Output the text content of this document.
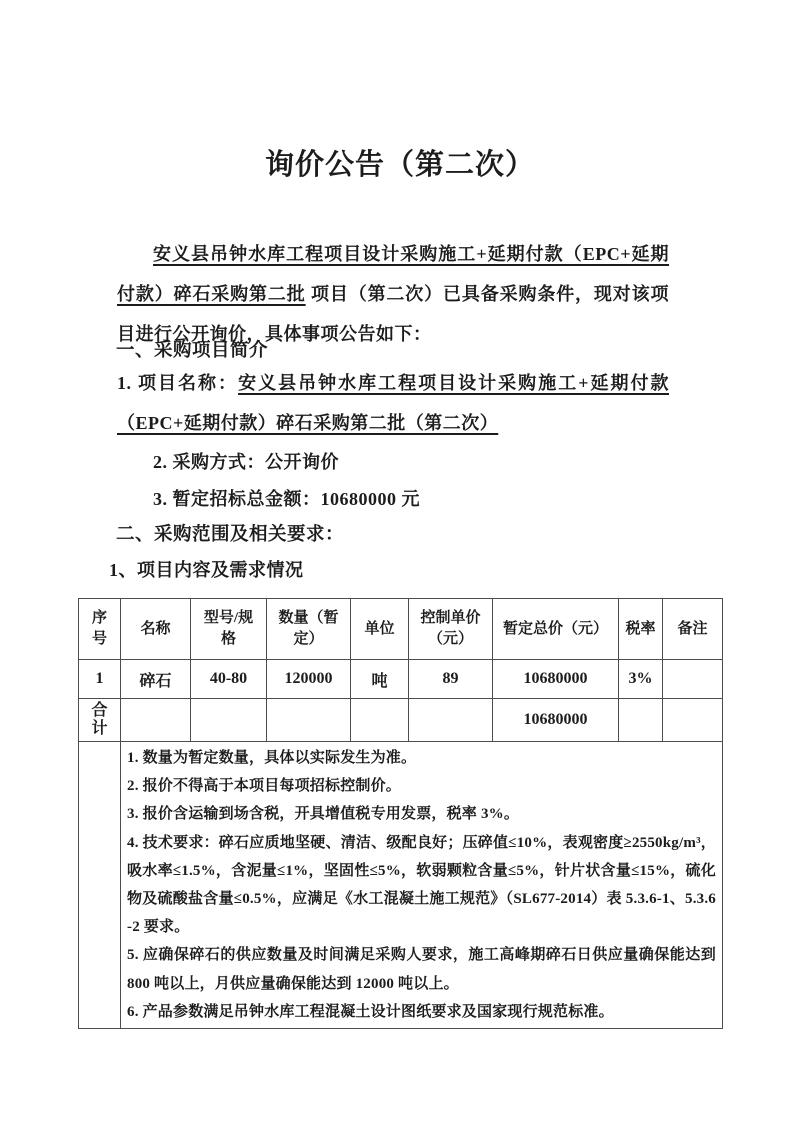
询价公告（第二次）

安义县吊钟水库工程项目设计采购施工+延期付款（EPC+延期付款）碎石采购第二批 项目（第二次）已具备采购条件，现对该项目进行公开询价，具体事项公告如下：

一、采购项目简介

1. 项目名称：安义县吊钟水库工程项目设计采购施工+延期付款（EPC+延期付款）碎石采购第二批（第二次）

2. 采购方式：公开询价
3. 暂定招标总金额：10680000 元
二、采购范围及相关要求：
1、项目内容及需求情况
序号	名称	型号/规格	数量（暂定）	单位	控制单价（元）	暂定总价（元）	税率	备注
1	碎石	40-80	120000	吨	89	10680000	3%	
合计						10680000		

1. 数量为暂定数量，具体以实际发生为准。
2. 报价不得高于本项目每项招标控制价。
3. 报价含运输到场含税，开具增值税专用发票，税率 3%。
4. 技术要求：碎石应质地坚硬、清洁、级配良好；压碎值≤10%，表观密度≥2550kg/m³，吸水率≤1.5%，含泥量≤1%，坚固性≤5%，软弱颗粒含量≤5%，针片状含量≤15%，硫化物及硫酸盐含量≤0.5%，应满足《水工混凝土施工规范》（SL677-2014）表 5.3.6-1、5.3.6-2 要求。
5. 应确保碎石的供应数量及时间满足采购人要求，施工高峰期碎石日供应量确保能达到 800 吨以上，月供应量确保能达到 12000 吨以上。
6. 产品参数满足吊钟水库工程混凝土设计图纸要求及国家现行规范标准。
